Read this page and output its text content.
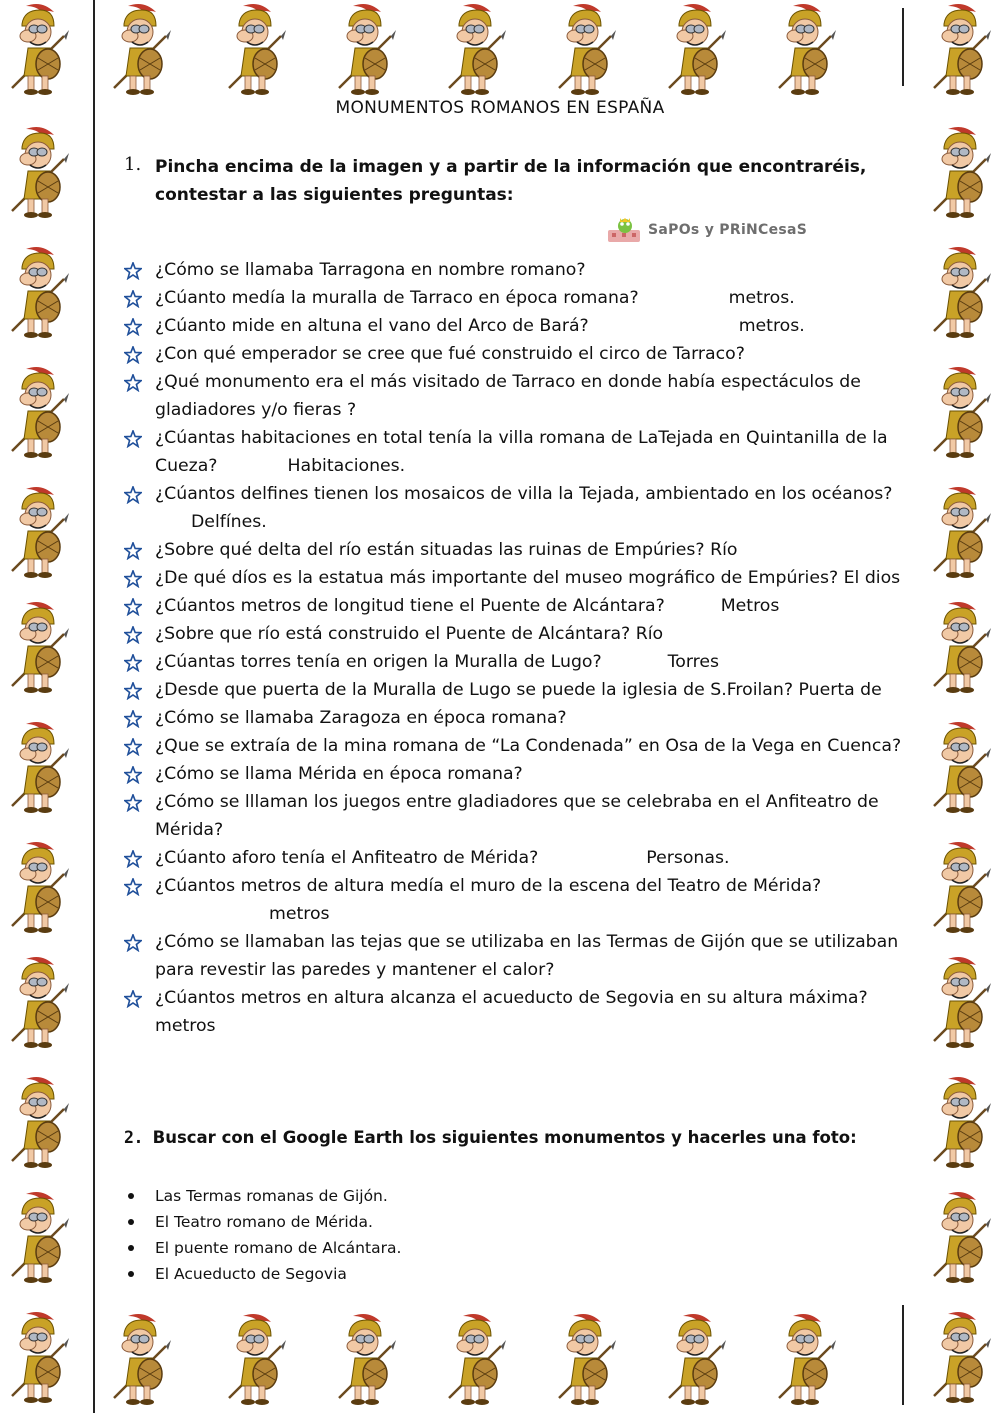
MONUMENTOS ROMANOS EN ESPAÑA
1. Pincha encima de la imagen y a partir de la información que encontraréis, contestar a las siguientes preguntas:
SaPOs y PRiNCesaS
¿Cómo se llamaba Tarragona en nombre romano?
¿Cúanto medía la muralla de Tarraco en época romana?	metros.
¿Cúanto mide en altuna el vano del Arco de Bará?	metros.
¿Con qué emperador se cree que fué construido el circo de Tarraco?
¿Qué monumento era el más visitado de Tarraco en donde había espectáculos de gladiadores y/o fieras ?
¿Cúantas habitaciones en total tenía la villa romana de LaTejada en Quintanilla de la Cueza?	Habitaciones.
¿Cúantos delfines tienen los mosaicos de villa la Tejada, ambientado en los océanos?Delfínes.
¿Sobre qué delta del río están situadas las ruinas de Empúries? Río
¿De qué díos es la estatua más importante del museo mográfico de Empúries? El dios
¿Cúantos metros de longitud tiene el Puente de Alcántara?	Metros
¿Sobre que río está construido el Puente de Alcántara? Río
¿Cúantas torres tenía en origen la Muralla de Lugo?	Torres
¿Desde que puerta de la Muralla de Lugo se puede la iglesia de S.Froilan? Puerta de
¿Cómo se llamaba Zaragoza en época romana?
¿Que se extraía de la mina romana de “La Condenada” en Osa de la Vega en Cuenca?
¿Cómo se llama Mérida en época romana?
¿Cómo se lllaman los juegos entre gladiadores que se celebraba en el Anfiteatro de Mérida?
¿Cúanto aforo tenía el Anfiteatro de Mérida?	Personas.
¿Cúantos metros de altura medía el muro de la escena del Teatro de Mérida?
metros
¿Cómo se llamaban las tejas que se utilizaba en las Termas de Gijón que se utilizaban para revestir las paredes y mantener el calor?
¿Cúantos metros en altura alcanza el acueducto de Segovia en su altura máxima?metros
2. Buscar con el Google Earth los siguientes monumentos y hacerles una foto:
Las Termas romanas de Gijón.
El Teatro romano de Mérida.
El puente romano de Alcántara.
El Acueducto de Segovia
